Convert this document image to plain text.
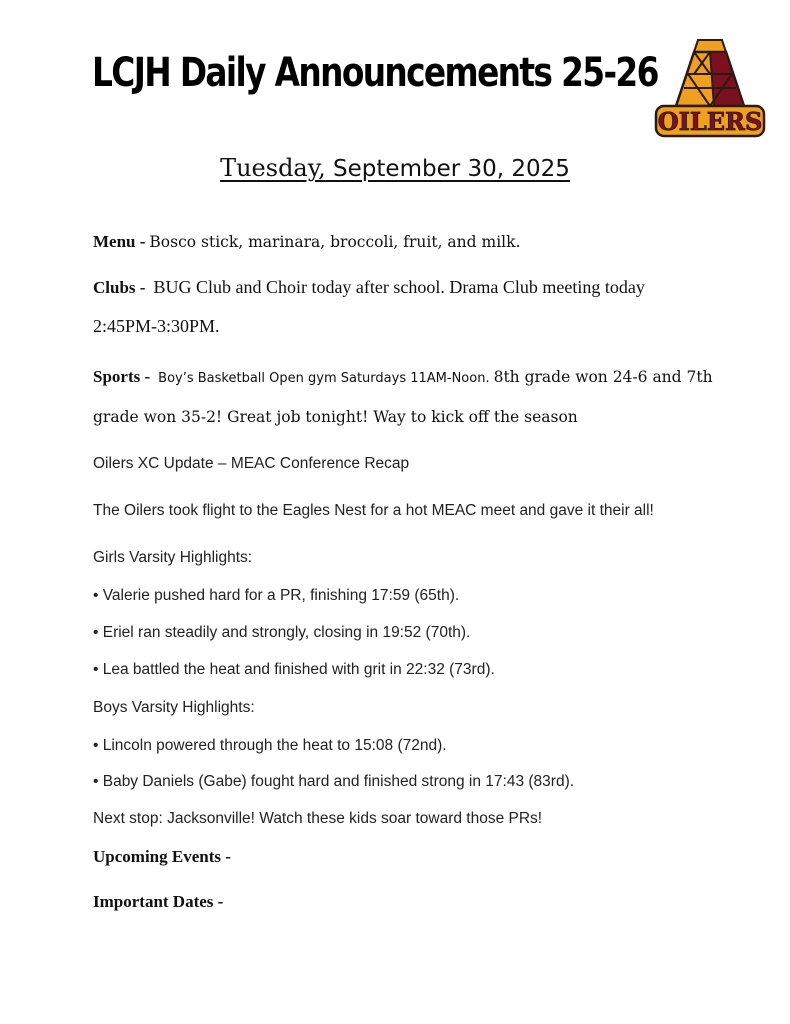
LCJH Daily Announcements 25-26
OILERS
Tuesday, September 30, 2025
Menu - Bosco stick, marinara, broccoli, fruit, and milk.
Clubs - BUG Club and Choir today after school. Drama Club meeting today
2:45PM-3:30PM.
Sports - Boy’s Basketball Open gym Saturdays 11AM-Noon. 8th grade won 24-6 and 7th
grade won 35-2! Great job tonight! Way to kick off the season
Oilers XC Update – MEAC Conference Recap
The Oilers took flight to the Eagles Nest for a hot MEAC meet and gave it their all!
Girls Varsity Highlights:
• Valerie pushed hard for a PR, finishing 17:59 (65th).
• Eriel ran steadily and strongly, closing in 19:52 (70th).
• Lea battled the heat and finished with grit in 22:32 (73rd).
Boys Varsity Highlights:
• Lincoln powered through the heat to 15:08 (72nd).
• Baby Daniels (Gabe) fought hard and finished strong in 17:43 (83rd).
Next stop: Jacksonville! Watch these kids soar toward those PRs!
Upcoming Events -
Important Dates -
